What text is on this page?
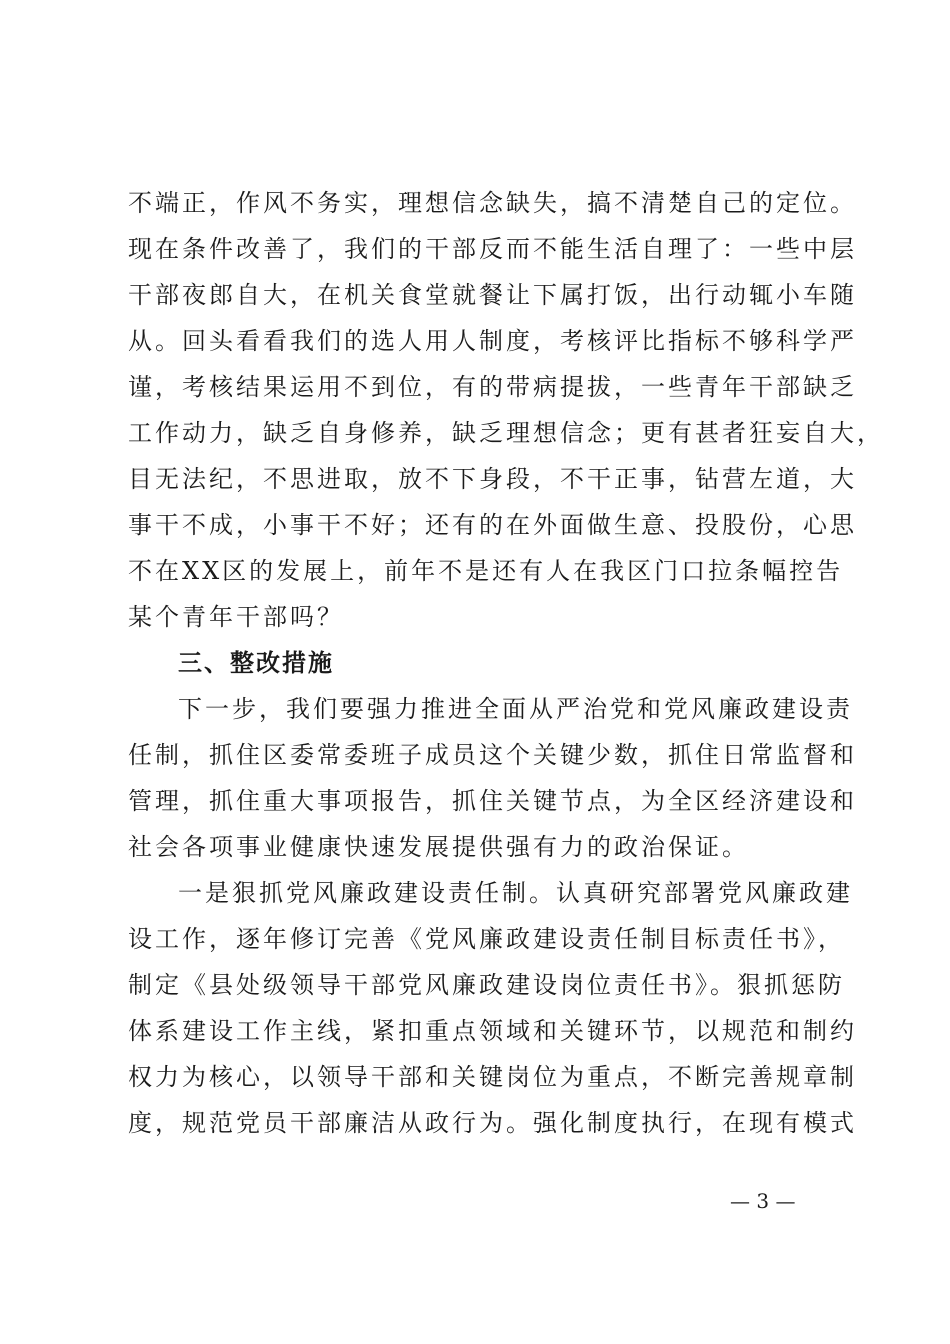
不端正，作风不务实，理想信念缺失，搞不清楚自己的定位。
现在条件改善了，我们的干部反而不能生活自理了：一些中层
干部夜郎自大，在机关食堂就餐让下属打饭，出行动辄小车随
从。回头看看我们的选人用人制度，考核评比指标不够科学严
谨，考核结果运用不到位，有的带病提拔，一些青年干部缺乏
工作动力，缺乏自身修养，缺乏理想信念；更有甚者狂妄自大，
目无法纪，不思进取，放不下身段，不干正事，钻营左道，大
事干不成，小事干不好；还有的在外面做生意、投股份，心思
不在XX区的发展上，前年不是还有人在我区门口拉条幅控告
某个青年干部吗？
三、整改措施
下一步，我们要强力推进全面从严治党和党风廉政建设责
任制，抓住区委常委班子成员这个关键少数，抓住日常监督和
管理，抓住重大事项报告，抓住关键节点，为全区经济建设和
社会各项事业健康快速发展提供强有力的政治保证。
一是狠抓党风廉政建设责任制。认真研究部署党风廉政建
设工作，逐年修订完善《党风廉政建设责任制目标责任书》，
制定《县处级领导干部党风廉政建设岗位责任书》。狠抓惩防
体系建设工作主线，紧扣重点领域和关键环节，以规范和制约
权力为核心，以领导干部和关键岗位为重点，不断完善规章制
度，规范党员干部廉洁从政行为。强化制度执行，在现有模式
— 3 —
